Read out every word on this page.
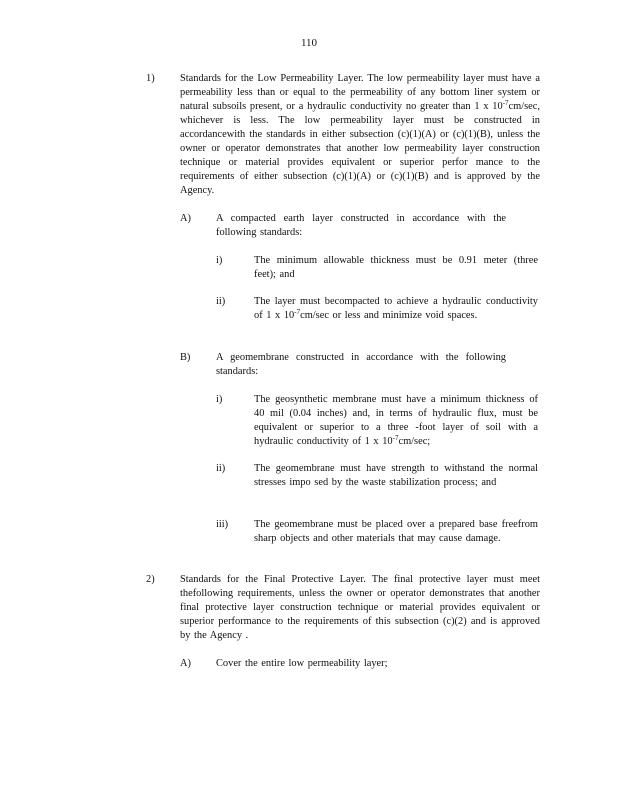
110
1) Standards for the Low Permeability Layer. The low permeability layer must have a permeability less than or equal to the permeability of any bottom liner system or natural subsoils present, or a hydraulic conductivity no greater than 1 x $10^{-7}cm/\sec$, whichever is less. The low permeability layer must be constructed in accordancewith the standards in either subsection (c)(1)(A) or (c)(1)(B), unless the owner or operator demonstrates that another low permeability layer construction technique or material provides equivalent or superior perfor mance to the requirements of either subsection (c)(1)(A) or (c)(1)(B) and is approved by the Agency.
A) A compacted earth layer constructed in accordance with the following standards:
i)	The minimum allowable thickness must be 0.91 meter (three feet); and
ii)	The layer must becompacted to achieve a hydraulic conductivity of 1 x $10^{-7}cm/\sec$ or less and minimize void spaces.
B) A geomembrane constructed in accordance with the following standards:
i)	The geosynthetic membrane must have a minimum thickness of 40 mil (0.04 inches) and, in terms of hydraulic flux, must be equivalent or superior to a three -foot layer of soil with a hydraulic conductivity of 1 x $10^{-7}cm/\sec$;
ii)	The geomembrane must have strength to withstand the normal stresses impo sed by the waste stabilization process; and
iii) The geomembrane must be placed over a prepared base freefrom sharp objects and other materials that may cause damage.
2) Standards for the Final Protective Layer. The final protective layer must meet thefollowing requirements, unless the owner or operator demonstrates that another final protective layer construction technique or material provides equivalent or superior performance to the requirements of this subsection (c)(2) and is approved by the Agency .
A) Cover the entire low permeability layer;
